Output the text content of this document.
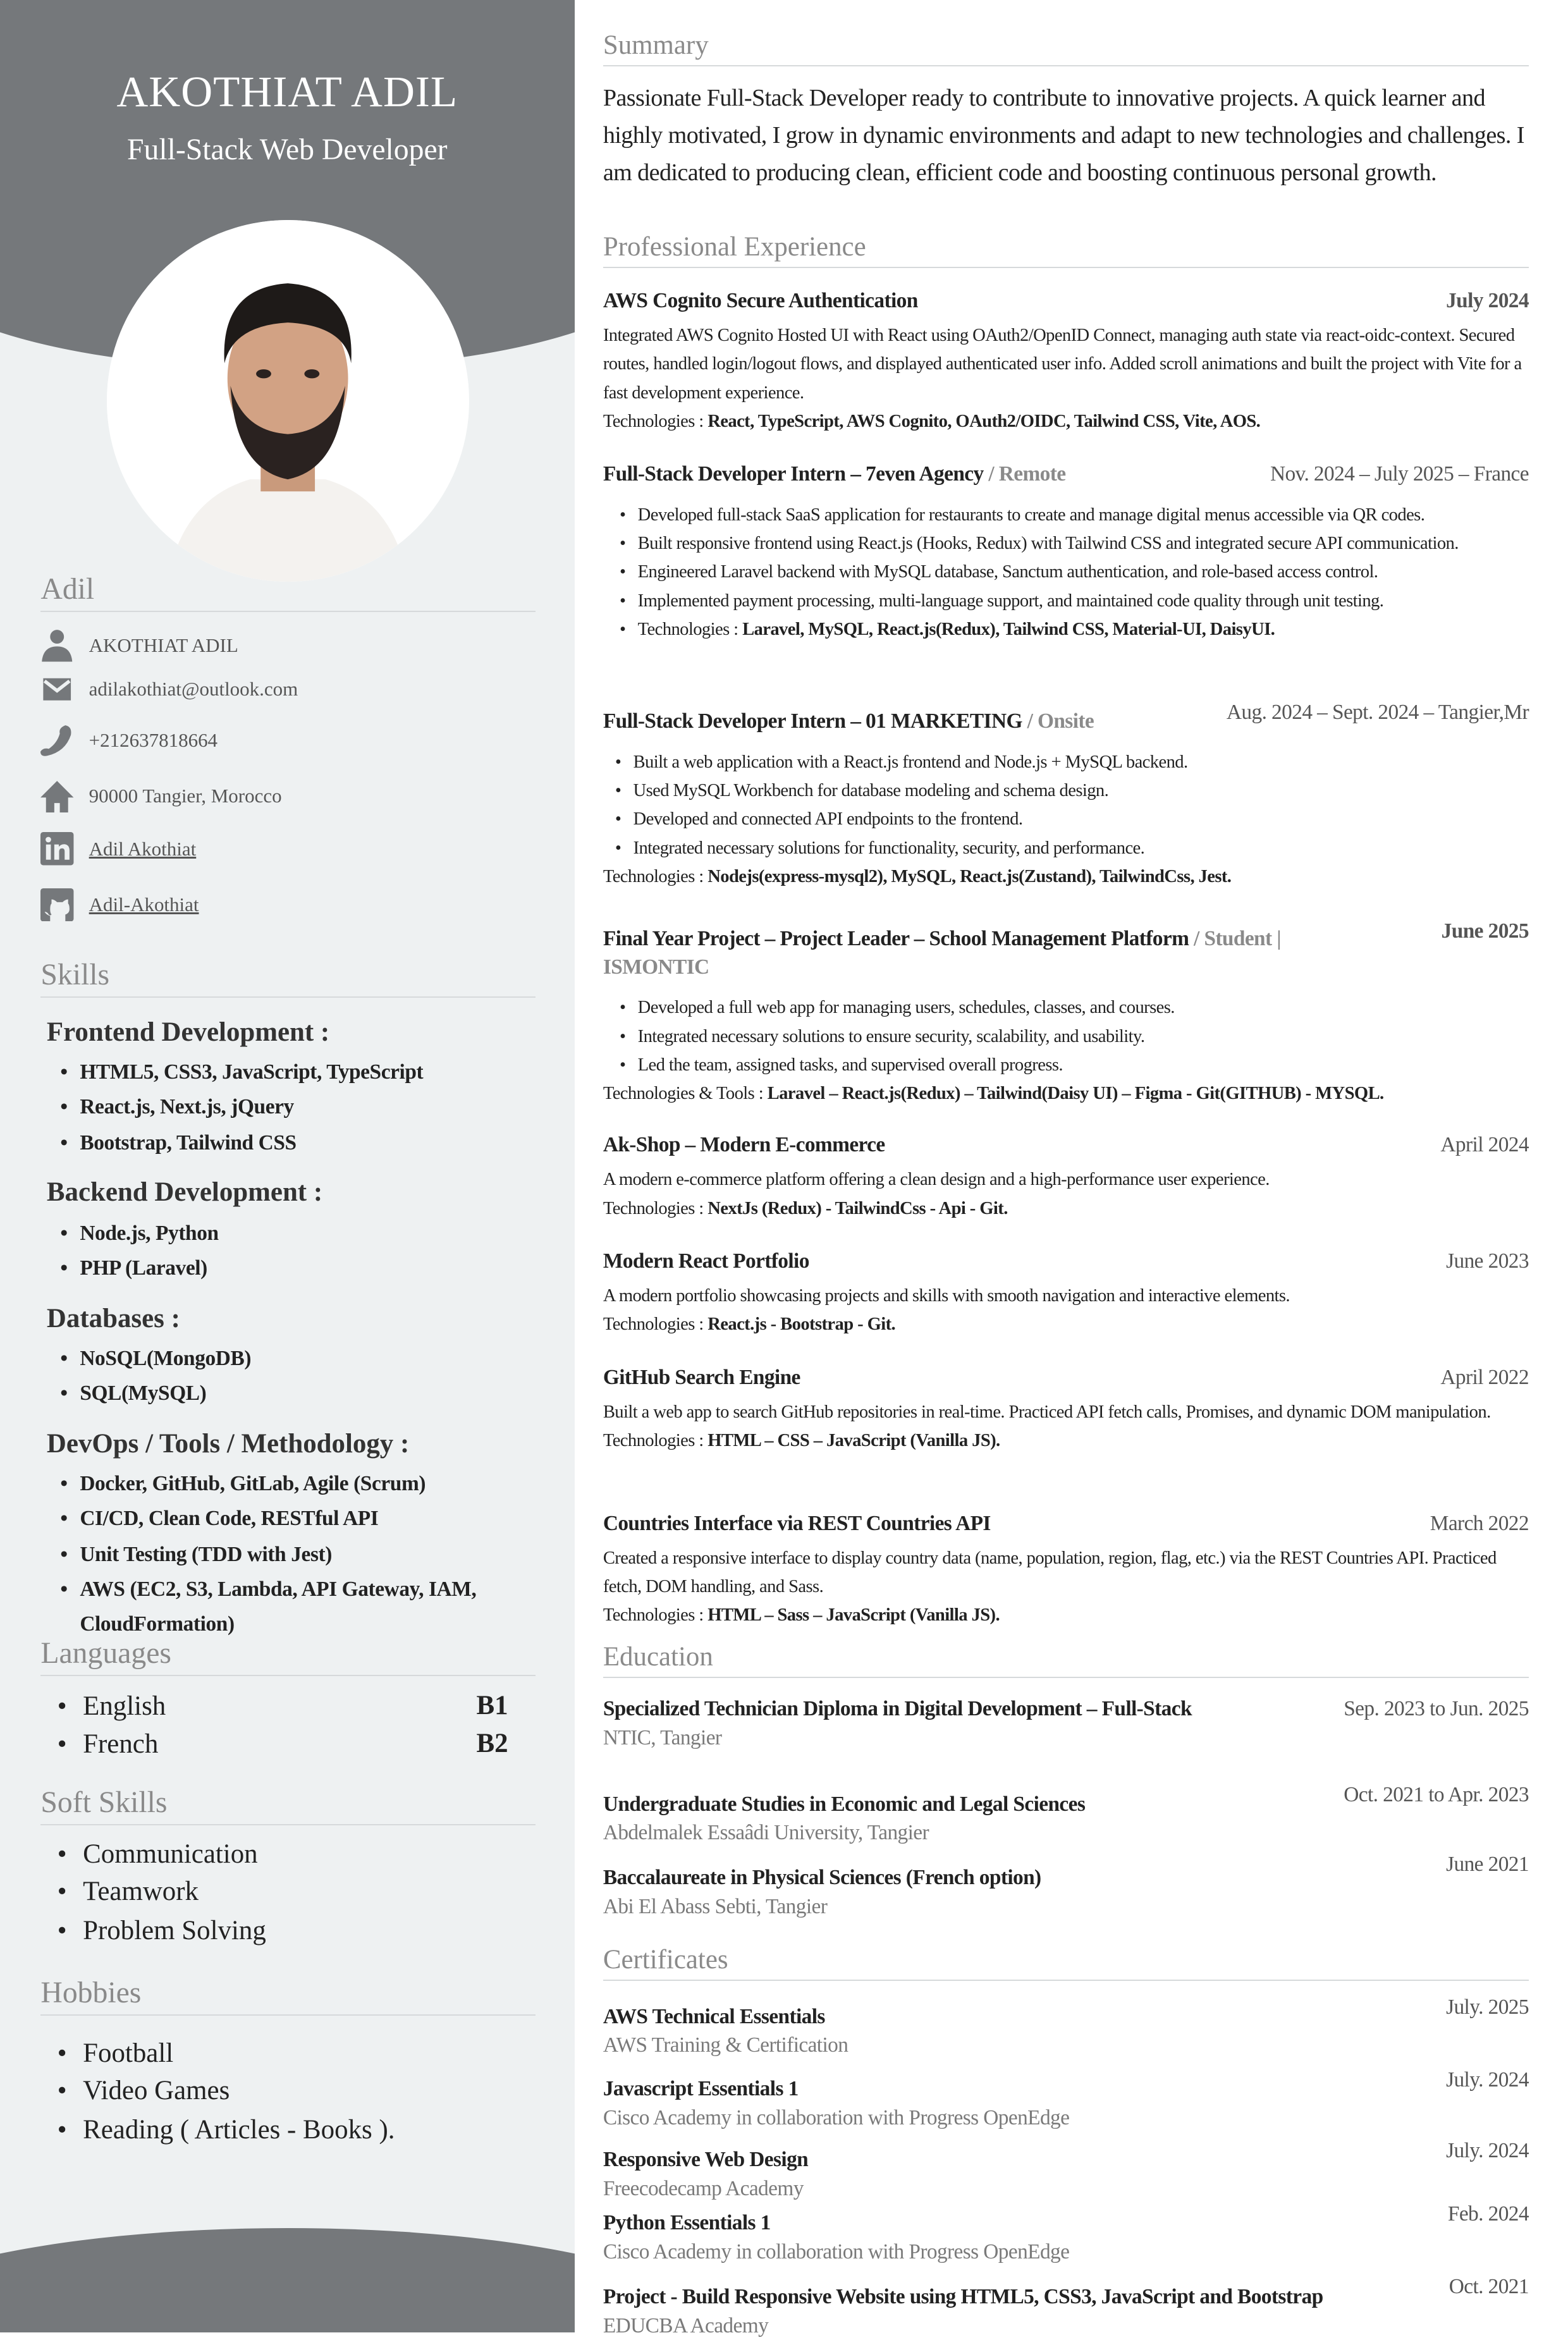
AKOTHIAT ADIL
Full-Stack Web Developer
Adil
AKOTHIAT ADIL
adilakothiat@outlook.com
+212637818664
90000 Tangier, Morocco
Adil Akothiat
Adil-Akothiat
Skills
Frontend Development :
• HTML5, CSS3, JavaScript, TypeScript
• React.js, Next.js, jQuery
• Bootstrap, Tailwind CSS
Backend Development :
• Node.js, Python
• PHP (Laravel)
Databases :
• NoSQL(MongoDB)
• SQL(MySQL)
DevOps / Tools / Methodology :
• Docker, GitHub, GitLab, Agile (Scrum)
• CI/CD, Clean Code, RESTful API
• Unit Testing (TDD with Jest)
• AWS (EC2, S3, Lambda, API Gateway, IAM, CloudFormation)
Languages
• English	B1
• French	B2
Soft Skills
• Communication
• Teamwork
• Problem Solving
Hobbies
• Football
• Video Games
• Reading ( Articles - Books ).
Summary
Passionate Full-Stack Developer ready to contribute to innovative projects. A quick learner and highly motivated, I grow in dynamic environments and adapt to new technologies and challenges. I am dedicated to producing clean, efficient code and boosting continuous personal growth.
Professional Experience
AWS Cognito Secure Authentication	July 2024
Integrated AWS Cognito Hosted UI with React using OAuth2/OpenID Connect, managing auth state via react-oidc-context. Secured routes, handled login/logout flows, and displayed authenticated user info. Added scroll animations and built the project with Vite for a fast development experience.
Technologies : React, TypeScript, AWS Cognito, OAuth2/OIDC, Tailwind CSS, Vite, AOS.
Full-Stack Developer Intern – 7even Agency / Remote	Nov. 2024 – July 2025 – France
• Developed full-stack SaaS application for restaurants to create and manage digital menus accessible via QR codes.
• Built responsive frontend using React.js (Hooks, Redux) with Tailwind CSS and integrated secure API communication.
• Engineered Laravel backend with MySQL database, Sanctum authentication, and role-based access control.
• Implemented payment processing, multi-language support, and maintained code quality through unit testing.
• Technologies : Laravel, MySQL, React.js(Redux), Tailwind CSS, Material-UI, DaisyUI.
Full-Stack Developer Intern – 01 MARKETING / Onsite	Aug. 2024 – Sept. 2024 – Tangier,Mr
• Built a web application with a React.js frontend and Node.js + MySQL backend.
• Used MySQL Workbench for database modeling and schema design.
• Developed and connected API endpoints to the frontend.
• Integrated necessary solutions for functionality, security, and performance.
Technologies : Nodejs(express-mysql2), MySQL, React.js(Zustand), TailwindCss, Jest.
Final Year Project – Project Leader – School Management Platform / Student | ISMONTIC
June 2025
• Developed a full web app for managing users, schedules, classes, and courses.
• Integrated necessary solutions to ensure security, scalability, and usability.
• Led the team, assigned tasks, and supervised overall progress.
Technologies & Tools : Laravel – React.js(Redux) – Tailwind(Daisy UI) – Figma - Git(GITHUB) - MYSQL.
Ak-Shop – Modern E-commerce	April 2024
A modern e-commerce platform offering a clean design and a high-performance user experience.
Technologies : NextJs (Redux) - TailwindCss - Api - Git.
Modern React Portfolio	June 2023
A modern portfolio showcasing projects and skills with smooth navigation and interactive elements.
Technologies : React.js - Bootstrap - Git.
GitHub Search Engine	April 2022
Built a web app to search GitHub repositories in real-time. Practiced API fetch calls, Promises, and dynamic DOM manipulation.
Technologies : HTML – CSS – JavaScript (Vanilla JS).
Countries Interface via REST Countries API	March 2022
Created a responsive interface to display country data (name, population, region, flag, etc.) via the REST Countries API. Practiced fetch, DOM handling, and Sass.
Technologies : HTML – Sass – JavaScript (Vanilla JS).
Education
Specialized Technician Diploma in Digital Development – Full-Stack
NTIC, Tangier
Sep. 2023 to Jun. 2025
Undergraduate Studies in Economic and Legal Sciences
Abdelmalek Essaâdi University, Tangier
Oct. 2021 to Apr. 2023
Baccalaureate in Physical Sciences (French option)
Abi El Abass Sebti, Tangier
June 2021
Certificates
AWS Technical Essentials
AWS Training & Certification
July. 2025
Javascript Essentials 1
Cisco Academy in collaboration with Progress OpenEdge
July. 2024
Responsive Web Design
Freecodecamp Academy
July. 2024
Python Essentials 1
Cisco Academy in collaboration with Progress OpenEdge
Feb. 2024
Project - Build Responsive Website using HTML5, CSS3, JavaScript and Bootstrap
EDUCBA Academy
Oct. 2021
